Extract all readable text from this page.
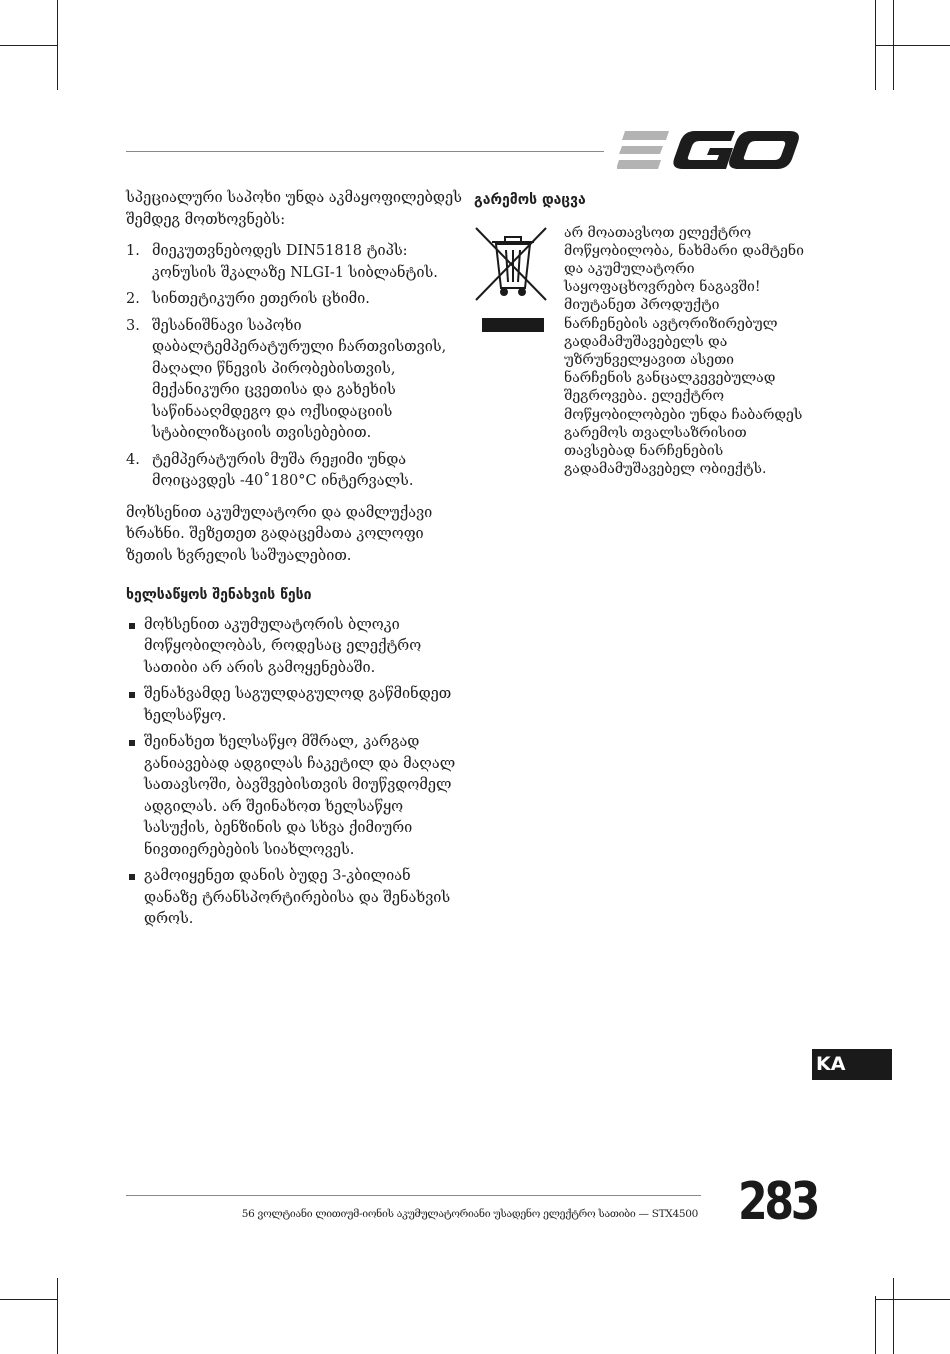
სპეციალური საპოხი უნდა აკმაყოფილებდეს შემდეგ მოთხოვნებს:

1. მიეკუთვნებოდეს DIN51818 ტიპს: კონუსის შკალაზე NLGI-1 სიბლანტის.
2. სინთეტიკური ეთერის ცხიმი.
3. შესანიშნავი საპოხი დაბალტემპერატურული ჩართვისთვის, მაღალი წნევის პირობებისთვის, მექანიკური ცვეთისა და გახეხის საწინააღმდეგო და ოქსიდაციის სტაბილიზაციის თვისებებით.
4. ტემპერატურის მუშა რეჟიმი უნდა მოიცავდეს -40˚180°C ინტერვალს.

მოხსენით აკუმულატორი და დამლუქავი ხრახნი. შეზეთეთ გადაცემათა კოლოფი ზეთის ხვრელის საშუალებით.

ხელსაწყოს შენახვის წესი
მოხსენით აკუმულატორის ბლოკი მოწყობილობას, როდესაც ელექტრო სათიბი არ არის გამოყენებაში.
შენახვამდე საგულდაგულოდ გაწმინდეთ ხელსაწყო.
შეინახეთ ხელსაწყო მშრალ, კარგად განიავებად ადგილას ჩაკეტილ და მაღალ სათავსოში, ბავშვებისთვის მიუწვდომელ ადგილას. არ შეინახოთ ხელსაწყო სასუქის, ბენზინის და სხვა ქიმიური ნივთიერებების სიახლოვეს.
გამოიყენეთ დანის ბუდე 3-კბილიან დანაზე ტრანსპორტირებისა და შენახვის დროს.
გარემოს დაცვა

არ მოათავსოთ ელექტრო მოწყობილობა, ნახმარი დამტენი და აკუმულატორი საყოფაცხოვრებო ნაგავში! მიუტანეთ პროდუქტი ნარჩენების ავტორიზირებულ გადამამუშავებელს და უზრუნველყავით ასეთი ნარჩენის განცალკევებულად შეგროვება. ელექტრო მოწყობილობები უნდა ჩაბარდეს გარემოს თვალსაზრისით თავსებად ნარჩენების გადამამუშავებელ ობიექტს.

KA
56 ვოლტიანი ლითიუმ-იონის აკუმულატორიანი უსადენო ელექტრო სათიბი — STX4500 283
